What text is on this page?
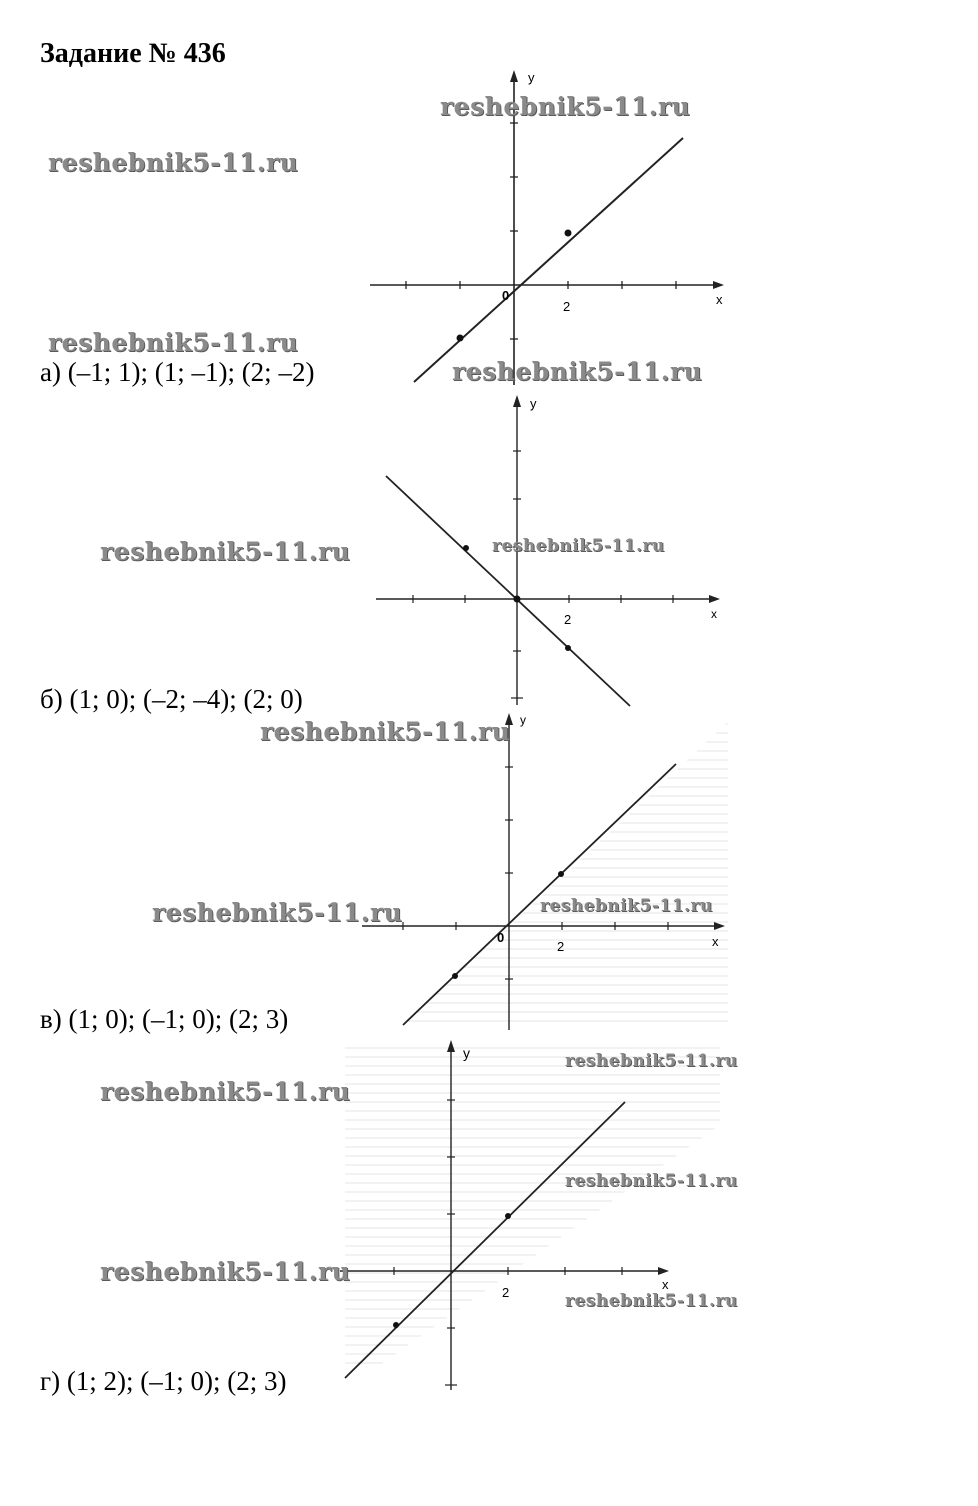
Задание № 436
а) (–1; 1); (1; –1); (2; –2)
б) (1; 0); (–2; –4); (2; 0)
в) (1; 0); (–1; 0); (2; 3)
г) (1; 2); (–1; 0); (2; 3)
y
x
0
2
y
x
2
y
x
0
2
y
x
2
reshebnik5-11.ru
reshebnik5-11.ru
reshebnik5-11.ru
reshebnik5-11.ru
reshebnik5-11.ru	reshebnik5-11.ru
reshebnik5-11.ru
reshebnik5-11.ru	reshebnik5-11.ru
reshebnik5-11.ru
reshebnik5-11.ru
reshebnik5-11.ru
reshebnik5-11.ru
reshebnik5-11.ru
